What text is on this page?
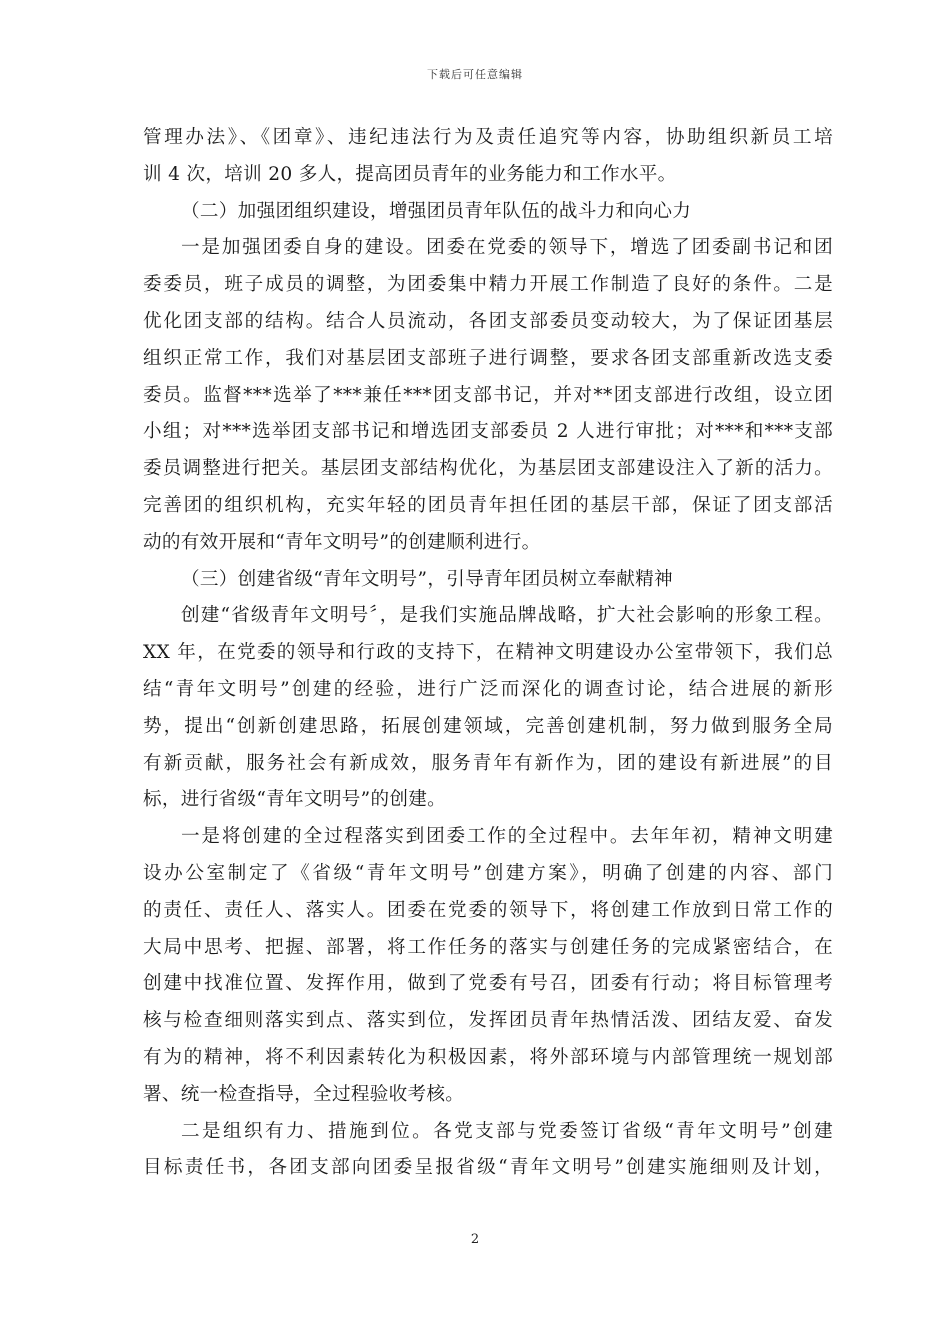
下载后可任意编辑
管理办法》、《团章》、违纪违法行为及责任追究等内容，协助组织新员工培
训 4 次，培训 20 多人，提高团员青年的业务能力和工作水平。
（二）加强团组织建设，增强团员青年队伍的战斗力和向心力
一是加强团委自身的建设。团委在党委的领导下，增选了团委副书记和团
委委员，班子成员的调整，为团委集中精力开展工作制造了良好的条件。二是
优化团支部的结构。结合人员流动，各团支部委员变动较大，为了保证团基层
组织正常工作，我们对基层团支部班子进行调整，要求各团支部重新改选支委
委员。监督***选举了***兼任***团支部书记，并对**团支部进行改组，设立团
小组；对***选举团支部书记和增选团支部委员 2 人进行审批；对***和***支部
委员调整进行把关。基层团支部结构优化，为基层团支部建设注入了新的活力。
完善团的组织机构，充实年轻的团员青年担任团的基层干部，保证了团支部活
动的有效开展和“青年文明号”的创建顺利进行。
（三）创建省级“青年文明号”，引导青年团员树立奉献精神
创建“省级青年文明号〞，是我们实施品牌战略，扩大社会影响的形象工程。
XX 年，在党委的领导和行政的支持下，在精神文明建设办公室带领下，我们总
结“青年文明号”创建的经验，进行广泛而深化的调查讨论，结合进展的新形
势，提出“创新创建思路，拓展创建领域，完善创建机制，努力做到服务全局
有新贡献，服务社会有新成效，服务青年有新作为，团的建设有新进展”的目
标，进行省级“青年文明号”的创建。
一是将创建的全过程落实到团委工作的全过程中。去年年初，精神文明建
设办公室制定了《省级“青年文明号”创建方案》，明确了创建的内容、部门
的责任、责任人、落实人。团委在党委的领导下，将创建工作放到日常工作的
大局中思考、把握、部署，将工作任务的落实与创建任务的完成紧密结合，在
创建中找准位置、发挥作用，做到了党委有号召，团委有行动；将目标管理考
核与检查细则落实到点、落实到位，发挥团员青年热情活泼、团结友爱、奋发
有为的精神，将不利因素转化为积极因素，将外部环境与内部管理统一规划部
署、统一检查指导，全过程验收考核。
二是组织有力、措施到位。各党支部与党委签订省级“青年文明号”创建
目标责任书，各团支部向团委呈报省级“青年文明号”创建实施细则及计划，
2
